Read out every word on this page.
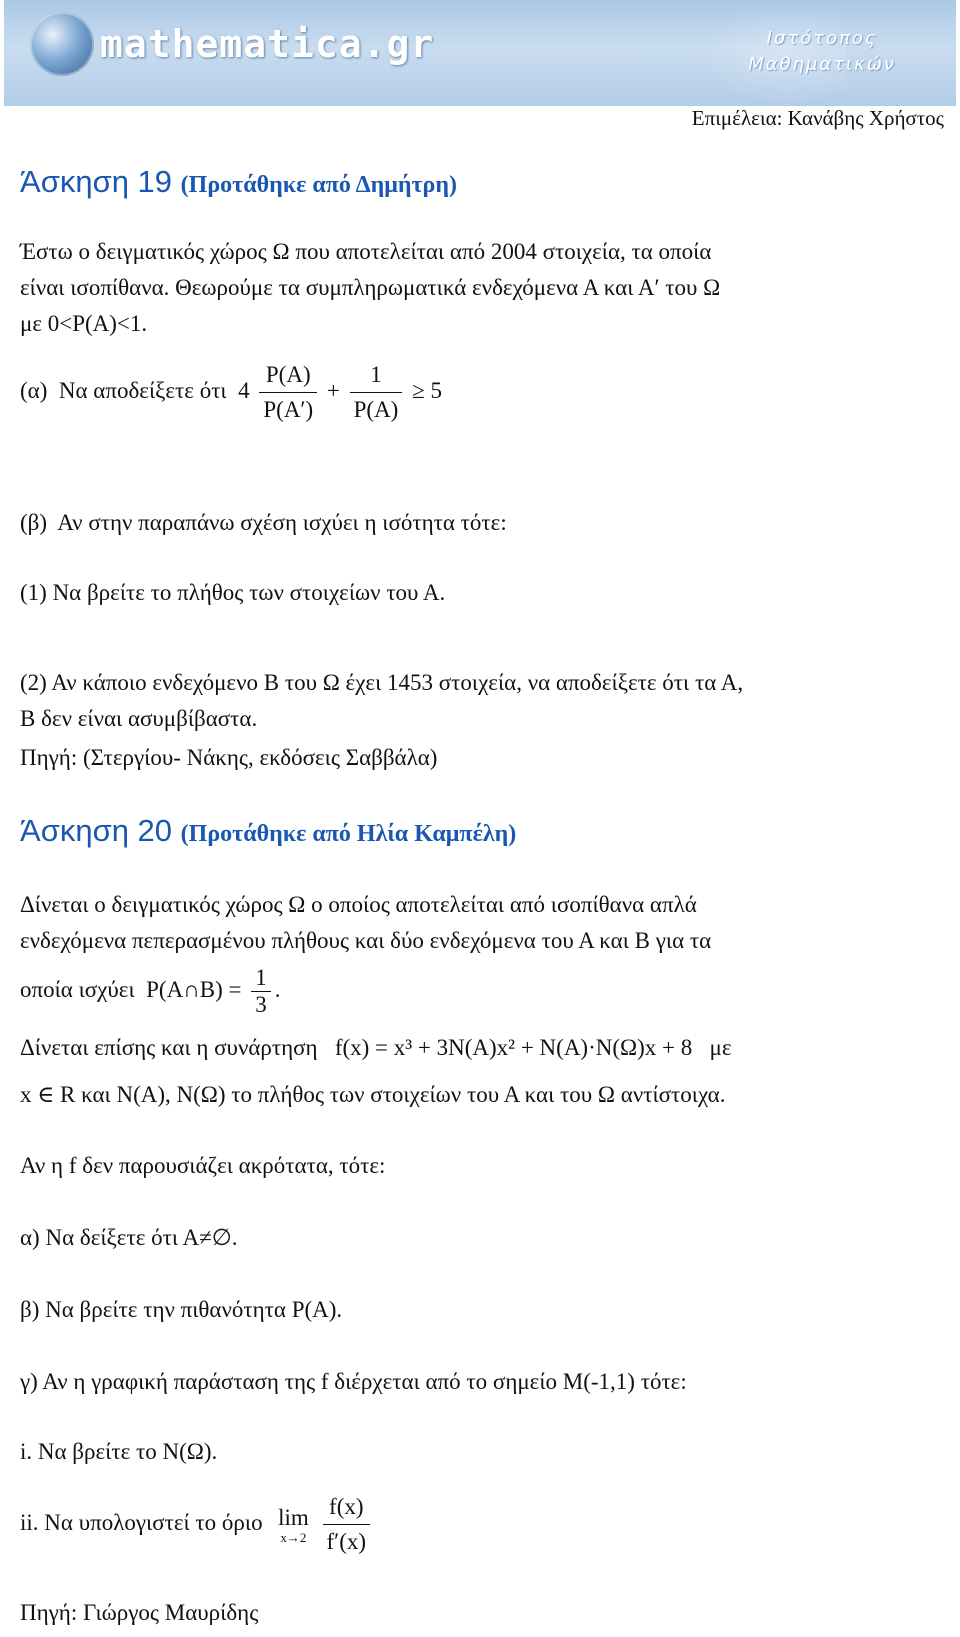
mathematica.gr	Ιστότοπος
Μαθηματικών
Επιμέλεια: Κανάβης Χρήστος
Άσκηση 19 (Προτάθηκε από Δημήτρη)
Έστω ο δειγματικός χώρος Ω που αποτελείται από 2004 στοιχεία, τα οποία
είναι ισοπίθανα. Θεωρούμε τα συμπληρωματικά ενδεχόμενα Α και Α′ του Ω
με 0<P(A)<1.
(α) Να αποδείξετε ότι $4 \frac{P(A)}{P(A')} + \frac{1}{P(A)} \ge 5$
(β) Αν στην παραπάνω σχέση ισχύει η ισότητα τότε:
(1) Να βρείτε το πλήθος των στοιχείων του Α.
(2) Αν κάποιο ενδεχόμενο Β του Ω έχει 1453 στοιχεία, να αποδείξετε ότι τα Α,
Β δεν είναι ασυμβίβαστα.
Πηγή: (Στεργίου- Νάκης, εκδόσεις Σαββάλα)
Άσκηση 20 (Προτάθηκε από Ηλία Καμπέλη)
Δίνεται ο δειγματικός χώρος Ω ο οποίος αποτελείται από ισοπίθανα απλά
ενδεχόμενα πεπερασμένου πλήθους και δύο ενδεχόμενα του Α και Β για τα
οποία ισχύει P(A∩B) = $\frac{1}{3}$ .
Δίνεται επίσης και η συνάρτηση f(x) = x³ + 3N(A)x² + N(A)·N(Ω)x + 8 με
x ∈ R και N(A), N(Ω) το πλήθος των στοιχείων του Α και του Ω αντίστοιχα.
Αν η f δεν παρουσιάζει ακρότατα, τότε:
α) Να δείξετε ότι Α≠∅.
β) Να βρείτε την πιθανότητα P(A).
γ) Αν η γραφική παράσταση της f διέρχεται από το σημείο Μ(-1,1) τότε:
i. Να βρείτε το N(Ω).
ii. Να υπολογιστεί το όριο lim
x→2
$\frac{f(x)}{f'(x)}$
Πηγή: Γιώργος Μαυρίδης
